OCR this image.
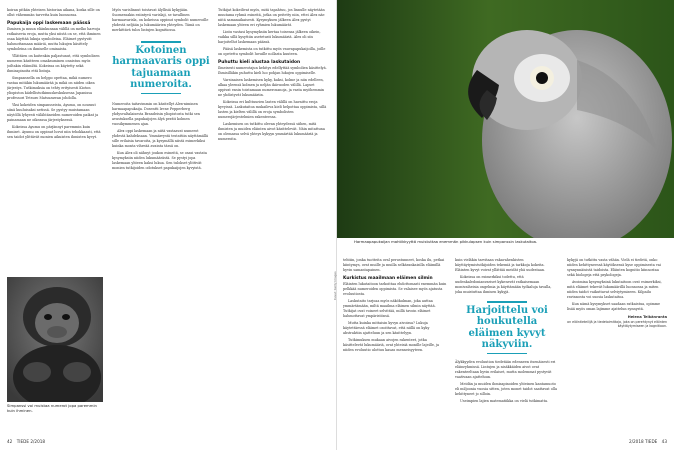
koiran pitkän yhteisen historian aikana, koska sille on ollut vähemmän tarvetta kuin luonnossa.

Papukaija oppi laskemaan päässä

Ihmisen ja muun eläinkunnan välillä on melko harvoja ratkaisevia eroja, mutta yksi niistä on se, että ihminen osaa käyttää lukuja symboleina. Eläimet pystyvät hahmottamaan määriä, mutta lukujen käsittely symboleina on ihmiselle ominaista.

Yllättäen on kuitenkin paljastunut, että symbolisen numeron käsitteen omaksuminen onnistuu myös joiltakin eläimiltä. Kokeissa on käytetty sekä ihmisapinoita että lintuja.

Simpanssella on helppo opettaa, mikä numero vastaa mitäkin lukumäärää ja mikä on niiden oikea järjestys. Tutkimuksia on tehty erityisesti Kioton yliopiston kädellistutkimuskeskuksessa Japanissa professori Tetsuro Matsuzawan johdolla.

Yksi kokeiden simpansseista, Ayumu, on noussut siinä kuuluisaksi netissä. Se pystyy muistamaan näytöllä lyhyesti välähtäneiden numeroiden paikat ja painamaan ne oikeassa järjestyksessä.

Kokeissa Ayumu on pärjännyt paremmin kuin ihmiset. Ayumu on oppinut luvut niin tehokkaasti, että sen taidot ylittävät monien aikuisten ihmisten kyvyt.

Simpanssi voi muistaa numerot jopa paremmin kuin ihminen.

Myös varislinnut toistavat älyllisiä kykyjään. Suomessakin esiintyvä varislaji, se tavallinen harmaavarisla, on kokeissa oppinut symbolit numeroille yhdestä neljään ja lukumäärien yhteyden. Tämä on merkittävä tulos lintujen kognitiossa.

Kotoinen harmaavaris oppi tajuamaan numeroita.

Numeroita taitavimmin on käsitellyt Alex-niminen harmaapapukaija. Dosentti Irene Pepperberg yhdysvaltalaisesta Brandeisin yliopistosta tutki sen avustuksella papukaijojen älyä peräti kolmen vuosikymmenen ajan.

Alex oppi laskemaan ja niitä vastaavat numerot yhdestä kahdeksaan. Ymmärrystä testattiin näyttämällä sille erilaisia tavaroita, ja kysymällä niistä esimerkiksi kuinka monta vihreää avainta tässä on.

Kun Alex oli nähnyt joukon esineitä, se osasi vastata kysymyksiin niiden lukumäärästä. Se pystyi jopa laskemaan yhteen kaksi lukua. Sen tulokset ylittivät monien tutkijoiden odotukset papukaijojen kyvyistä.

Tutkijat kokeilivat myös, mitä tapahtuu, jos linnulle näytetään muutama ryhmä esineitä, jotka on peitetty niin, ettei Alex näe niitä samanaikaisesti. Kysymyksen jälkeen Alex pystyi laskemaan yhteen eri ryhmien lukumäärät.

Lintu vastasi kysymyksiin kertaa toisensa jälkeen oikein, vaikka sillä kysyttiin asetetusti lukumääriä. Alex oli siis harjoitellut laskemaan päässä.

Pääsä laskemista on tutkittu myös vauvapapukaijoilla, joille on opetettu symbolit luvuille nollasta kuuteen.

Puhuttu kieli alustaa laskutaidon

Ilmeisesti numerotajun kehitys edellyttää symbolien käsittelyä. Ihmisilläkin puhuttu kieli luo pohjan lukujen oppimiselle.

Varsinaisen laskemisen kyky, kaksi, kolme ja niin edelleen, alkaa yleensä kolmen ja neljän ikävuoden välillä. Lapset oppivat ensin toistamaan numerosanoja, ja vasta myöhemmin ne yhdistyvät lukumääriin.

Kokeissa eri kulttuurien lasten välillä on havaittu eroja kyvyissä. Laskutaitoa mukaileva kieli helpottaa oppimista, sillä lasten ja kielten välillä on eroja symbolisten numerojärjestelmien rakenteessa.

Laskemisen on tutkittu olevan yhteydessä siihen, mitä ihmisten ja muiden eläinten aivot käsittelevät. Näin mitattuna on olemassa selvä yhteys kykyyn ymmärtää lukumääriä ja numeroita.

42 TIEDE 2/2018
Kuvat: Getty Images
Harmaapapukaijan mahtikkyyttä muistuttaa enemmän pikkulapsen kuin simpanssin laskutaitoa.

tehtiin, jonka tuotteita oval perustunneet, koska ilu, petkai kiintymys, ovat muille ja muilla selkärankaisilla eläimillä hyvin samantapainen.

Kurkistus maailmaan eläimen silmin

Eläinten lukutaitoon tarkoittaa ehdottomasti enemmän kuin pelkkää numeroiden oppimista. Se valaisee myös ajatusta evoluutiosta.

Laskutaito tarjoaa myös näkökulman, joka auttaa ymmärtämään, miltä maailma eläimen silmin näyttää. Tutkijat ovat voineet selvittää, millä tavoin eläimet hahmottavat ympäristönsä.

Mutta kuinka mittaisin kyvyn aivoissa? Lukuja käytettäessä eläimet osoittavat, että niillä on kyky abstraktiin ajatteluun ja sen käsittelyyn.

Tutkimuksen mukaan aivojen rakenteet, jotka käsittelevät lukumääriä, ovat yhteisiä monille lajeille, ja niiden evoluutio ulottuu kauas menneisyyteen.

kuin vieläkin tarvitaan vakavahenkisten käyttäytymistutkijoiden tekemiä ja tarkkoja kokeita. Eläinten kyvyt voivat yllättää meidät yhä uudestaan.

Kokeissa on esimerkiksi todettu, että uudenkaledonianvariset kykenevät ratkaisemaan monivaiheisia ongelmia ja käyttämään työkaluja tavalla, joka muistuttaa ihmisen kykyjä.

Harjoittelu voi houkutella eläimen kyvyt näkyviin.

Älykkyyden evoluution tiedetään edenneen itsenäisesti eri eläinryhmissä. Lintujen ja nisäkkäiden aivot ovat rakenteeltaan hyvin erilaiset, mutta molemmat pystyvät vaativaan ajatteluun.

Meidän ja muiden ihmisapinoiden yhteinen kantamuoto eli miljoonia vuosia sitten, joten monet taidot saattavat olla kehittyneet jo silloin.

Useimpien lajien matematiikka on vielä tutkimatta.

kykyjä on tutkittu vasta vähän. Vielä ei tiedetä, onko niiden kehittyneessä käytöksessä kyse oppimisesta vai synnynnäisistä taidoista. Eläinten kognitio kiinnostaa sekä biologeja että psykologeja.

Avoimina kysymyksinä lukutaitoon ovat esimerkiksi, mitä eläimet tekevät lukumäärillä luonnossa ja miten niiden taidot vaikuttavat selviytymiseen. Kilpailu ravinnosta voi suosia laskutaitoa.

Kun nämä kysymykset saadaan ratkaistua, opimme lisää myös oman lajimme ajattelun synnystä.

Helena Telkänranta
on eläintieteilijä ja tiedetoimittaja, joka on perehtynyt eläinten käyttäytymiseen ja kognitioon.
2/2018 TIEDE 43
